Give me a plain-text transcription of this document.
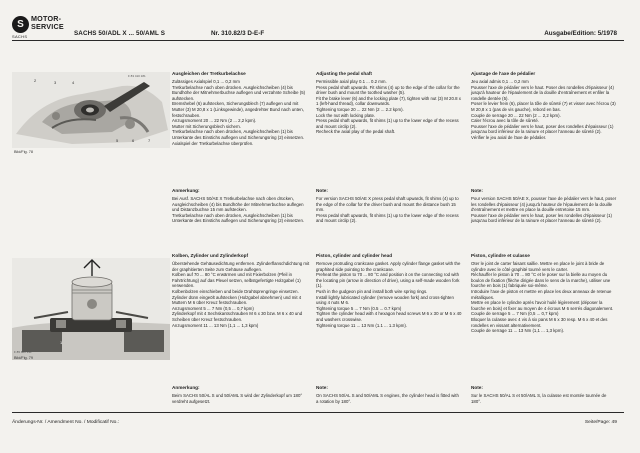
S
MOTOR-
SERVICE
SACHS	SACHS 50/ADL X ... 50/AML S	Nr. 310.82/3 D-E-F	Ausgabe/Edition: 5/1978
2	3	4
5	6	7
F 83 410 181
Bild/Fig. 78
1
F 85 601 191
Bild/Fig. 79
Ausgleichen der Tretkurbelachse

Zulässiges Axialspiel 0,1 ... 0,2 mm

Tretkurbelachse nach oben drücken. Ausgleichscheiben (4) bis Bundhöhe der Mitnehmerbuchse auflegen und verzahnte Scheibe (5) aufstecken.

Bremshebel (6) aufstecken, Sicherungsblech (7) auflegen und mit Mutter (3) M 20,8 x 1 (Linksgewinde), angedrehter Bund nach unten, festschrauben.

Anzugsmoment 20 ... 22 Nm (2 ... 2,2 kpm).

Mutter mit Sicherungsblech sichern.

Tretkurbelachse nach oben drücken, Ausgleichscheiben (1) bis Unterkante des Einstichs auflegen und Sicherungsring (2) einsetzen.

Axialspiel der Tretkurbelachse überprüfen.

Adjusting the pedal shaft

Permissible axial play 0.1 ... 0.2 mm.

Press pedal shaft upwards. Fit shims (4) up to the edge of the collar for the driver bush and mount the toothed washer (5).

Fit the brake lever (6) and the locking plate (7), tighten with nut (3) M 20.8 x 1 (left-hand thread), collar downwards.

Tightening torque 20 ... 22 Nm (2 ... 2.2 kpm).

Lock the nut with locking plate.

Press pedal shaft upwards, fit shims (1) up to the lower edge of the recess and mount circlip (2).

Recheck the axial play of the pedal shaft.

Ajustage de l'axe de pédalier

Jeu axial admis 0,1 ... 0,2 mm

Pousser l'axe de pédalier vers le haut. Poser des rondelles d'épaisseur (4) jusqu'à hauteur de l'épaulement de la douille d'entraînement et enfiler la rondelle dentée (5).

Poser le levier frein (6), placer la tôle de sûreté (7) et visser avec l'écrou (3) M 20,8 x 1 (pas de vis gauche), rebord en bas.

Couple de serrage 20 ... 22 Nm (2 ... 2,2 kpm).

Caler l'écrou avec la tôle de sûreté.

Pousser l'axe de pédalier vers le haut, poser des rondelles d'épaisseur (1) jusqu'au bord inférieur de la rainure et placer l'anneau de sûreté (2).

Vérifier le jeu axial de l'axe de pédalier.

Anmerkung:

Bei Ausf. SACHS 50/AE X Tretkurbelachse nach oben drücken, Ausgleichscheiben (4) bis Bundhöhe der Mitnehmerbuchse auflegen und Distanzbuchse 15 mm aufstecken.

Tretkurbelachse nach oben drücken, Ausgleichscheiben (1) bis Unterkante des Einstichs auflegen und Sicherungsring (2) einsetzen.

Note:

For version SACHS 50/AE X press pedal shaft upwards, fit shims (4) up to the edge of the collar for the driver bush and mount the distance bush 15 mm.

Press pedal shaft upwards, fit shims (1) up to the lower edge of the recess and mount circlip (2).

Note:

Pour version SACHS 50/AE X, pousser l'axe de pédalier vers le haut, poser les rondelles d'épaisseur (4) jusqu'à hauteur de l'épaulement de la douille d'entraînement et mettre en place la douille entretoise 15 mm.

Pousser l'axe de pédalier vers le haut, poser les rondelles d'épaisseur (1) jusqu'au bord inférieur de la rainure et placer l'anneau de sûreté (2).

Kolben, Zylinder und Zylinderkopf

Überstehende Gehäusedichtung entfernen. Zylinderflanschdichtung mit der graphitierten Seite zum Gehäuse auflegen.

Kolben auf 70 ... 80 °C erwärmen und mit Fixierbolzen (Pfeil in Fahrtrichtung) auf das Pleuel setzen, selbstgefertigte Holzgabel (1) verwenden.

Kolbenbolzen einschieben und beide Drahtsprengringe einsetzen.

Zylinder dünn eingeölt aufstecken (Holzgabel abnehmen) und mit 4 Muttern M 6 über Kreuz festschrauben.

Anzugsmoment 5 ... 7 Nm (0,5 ... 0,7 kpm)

Zylinderkopf mit 4 Sechskantschrauben M 6 x 30 bzw. M 6 x 40 und Scheiben über Kreuz festschrauben.

Anzugsmoment 11 ... 13 Nm (1,1 ... 1,3 kpm)

Piston, cylinder and cylinder head

Remove protruding crankcase gasket. Apply cylinder flange gasket with the graphited side pointing to the crankcase.

Preheat the piston to 70 ... 80 °C and position it on the connecting rod with the locating pin (arrow in direction of drive), using a self-made wooden fork (1).

Push in the gudgeon pin and install both wire spring rings.

Install lightly lubricated cylinder (remove wooden fork) and cross-tighten using 4 nuts M 6.

Tightening torque 5 ... 7 Nm (0.5 ... 0.7 kpm)

Tighten the cylinder head with 4 hexagon head screws M 6 x 30 or M 6 x 40 and washers crosswise.

Tightening torque 11 ... 13 Nm (1.1 ... 1.3 kpm).

Piston, cylindre et culasse

Oter le joint de carter faisant saillie. Mettre en place le joint à bride de cylindre avec le côté graphité tourné vers le carter.

Réchauffer le piston à 70 ... 80 °C et le poser sur la bielle au moyen du boulon de fixation (flèche dirigée dans le sens de la marche), utiliser une fourche en bois (1) fabriquée soi-même.

Introduire l'axe de piston et mettre en place les deux anneaux de retenue métalliques.

Mettre en place le cylindre après l'avoir huilé légèrement (déposer la fourche en bois) et fixer au moyen de 4 écrous M 6 serrés diagonalement.

Couple de serrage 5 ... 7 Nm (0,5 ... 0,7 kpm)

Bloquer la culasse avec 4 vis à six pans M 6 x 30 resp. M 6 x 40 et des rondelles en vissant alternativement.

Couple de serrage 11 ... 13 Nm (1,1 ... 1,3 kpm).

Anmerkung:

Beim SACHS 50/AL S und 50/AML S wird der Zylinderkopf um 180° verdreht aufgesetzt.

Note:

On SACHS 50/AL S and 50/AML S engines, the cylinder head is fitted with a rotation by 180°.

Note:

Sur le SACHS 50/AL S et 50/AML S, la culasse est montée tournée de 180°.

Änderungs-Nr. / Amendment No. / Modificatif No.:	Seite/Page: 49
